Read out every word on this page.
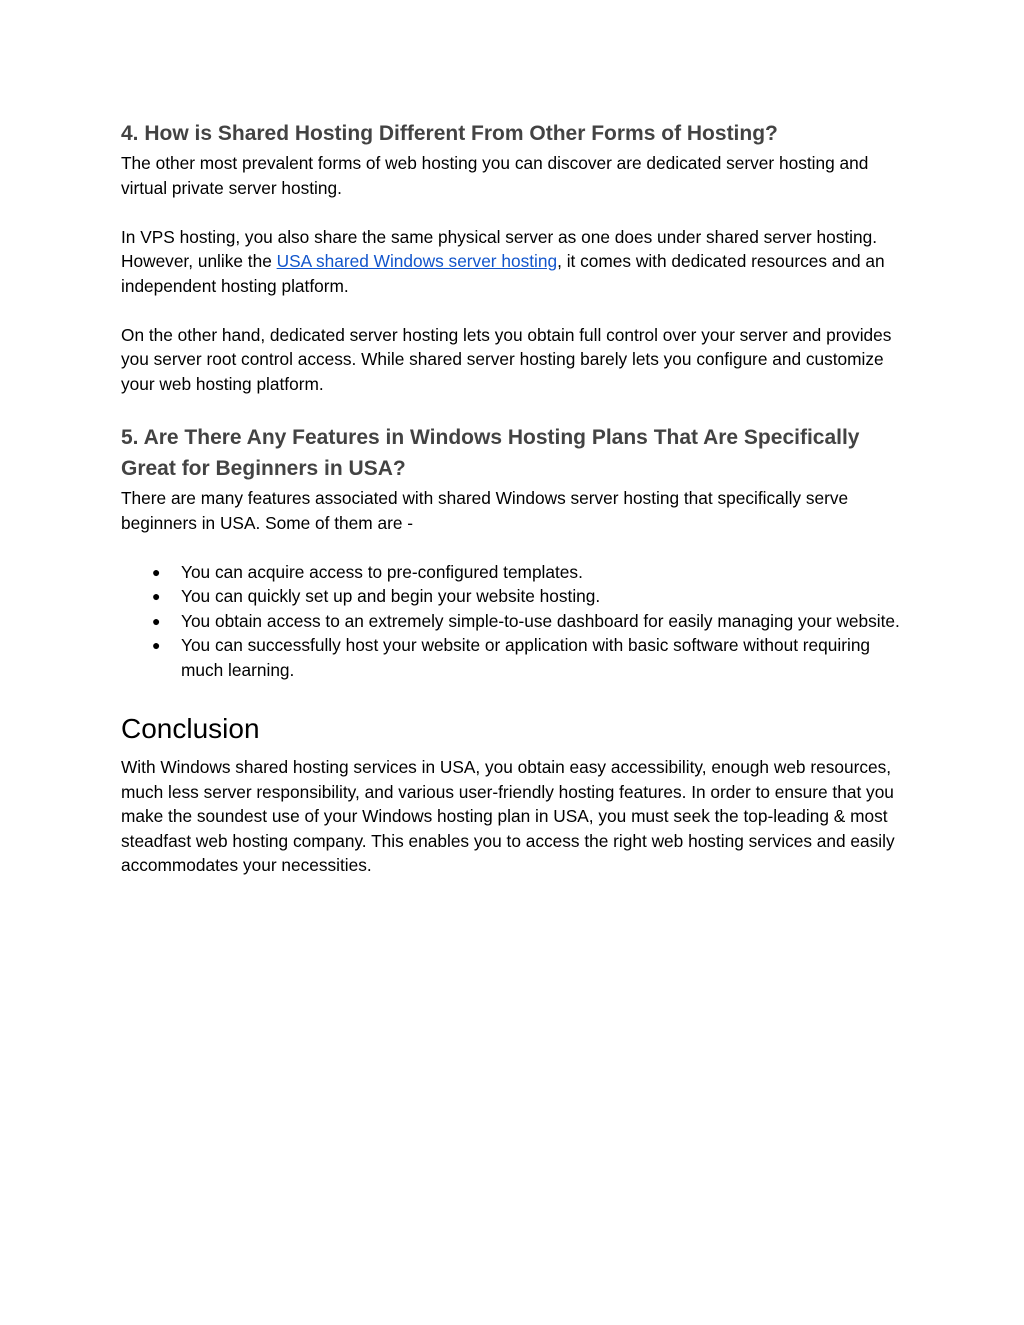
4. How is Shared Hosting Different From Other Forms of Hosting?

The other most prevalent forms of web hosting you can discover are dedicated server hosting and virtual private server hosting.

In VPS hosting, you also share the same physical server as one does under shared server hosting. However, unlike the USA shared Windows server hosting, it comes with dedicated resources and an independent hosting platform.

On the other hand, dedicated server hosting lets you obtain full control over your server and provides you server root control access. While shared server hosting barely lets you configure and customize your web hosting platform.

5. Are There Any Features in Windows Hosting Plans That Are Specifically Great for Beginners in USA?

There are many features associated with shared Windows server hosting that specifically serve beginners in USA. Some of them are -

● You can acquire access to pre-configured templates.
● You can quickly set up and begin your website hosting.
● You obtain access to an extremely simple-to-use dashboard for easily managing your website.
● You can successfully host your website or application with basic software without requiring much learning.
Conclusion

With Windows shared hosting services in USA, you obtain easy accessibility, enough web resources, much less server responsibility, and various user-friendly hosting features. In order to ensure that you make the soundest use of your Windows hosting plan in USA, you must seek the top-leading & most steadfast web hosting company. This enables you to access the right web hosting services and easily accommodates your necessities.
